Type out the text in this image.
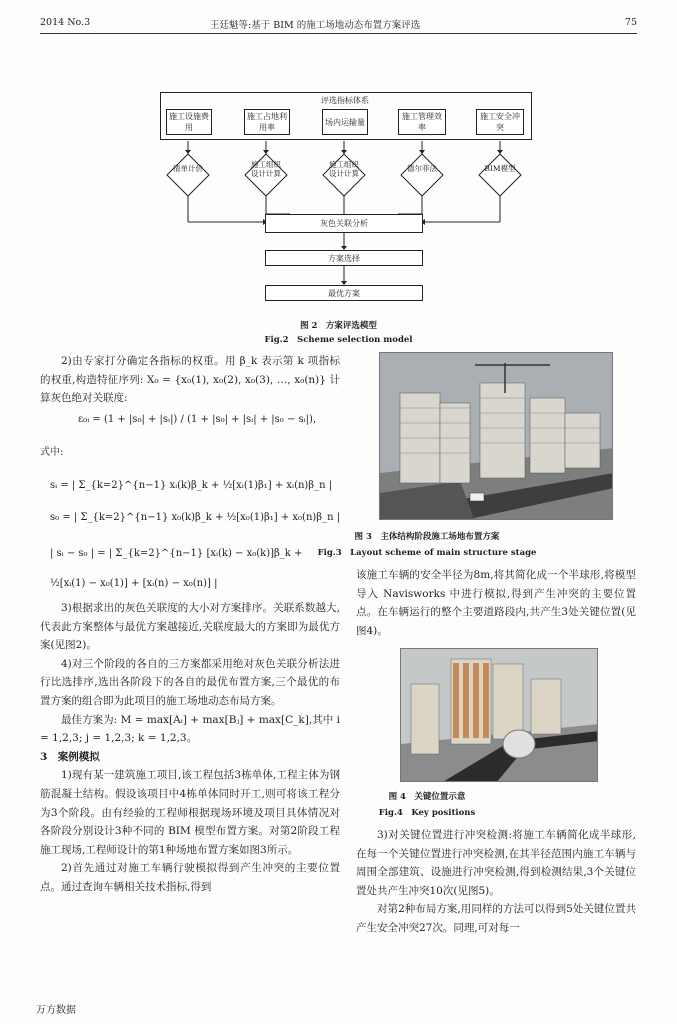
2014 No.3	王廷魁等:基于 BIM 的施工场地动态布置方案评选	75
评选指标体系
施工设施费用
施工占地利用率
场内运输量
施工管理效率
施工安全冲突
清单计价	施工组织设计计算
施工组织设计计算
德尔菲法	BIM模型
灰色关联分析
方案选择
最优方案
图 2　方案评选模型
Fig.2　Scheme selection model

2)由专家打分确定各指标的权重。用 β_k 表示第 k 项指标的权重,构造特征序列: X₀ = {x₀(1), x₀(2), x₀(3), …, x₀(n)} 计算灰色绝对关联度:

ε₀ᵢ = (1 + |s₀| + |sᵢ|) / (1 + |s₀| + |sᵢ| + |s₀ − sᵢ|),
式中:
sᵢ = | Σ_{k=2}^{n−1} xᵢ(k)β_k + ½[xᵢ(1)β₁] + xᵢ(n)β_n |
s₀ = | Σ_{k=2}^{n−1} x₀(k)β_k + ½[x₀(1)β₁] + x₀(n)β_n |
| sᵢ − s₀ | = | Σ_{k=2}^{n−1} [xᵢ(k) − x₀(k)]β_k +
½[xᵢ(1) − x₀(1)] + [xᵢ(n) − x₀(n)] |

3)根据求出的灰色关联度的大小对方案排序。关联系数越大,代表此方案整体与最优方案越接近,关联度最大的方案即为最优方案(见图2)。

4)对三个阶段的各自的三方案都采用绝对灰色关联分析法进行比选排序,选出各阶段下的各自的最优布置方案,三个最优的布置方案的组合即为此项目的施工场地动态布局方案。

最佳方案为: M = max[Aᵢ] + max[Bⱼ] + max[C_k],其中 i = 1,2,3; j = 1,2,3; k = 1,2,3。

3　案例模拟

1)现有某一建筑施工项目,该工程包括3栋单体,工程主体为钢筋混凝土结构。假设该项目中4栋单体同时开工,则可将该工程分为3个阶段。由有经验的工程师根据现场环境及项目具体情况对各阶段分别设计3种不同的 BIM 模型布置方案。对第2阶段工程施工现场,工程师设计的第1种场地布置方案如图3所示。

2)首先通过对施工车辆行驶模拟得到产生冲突的主要位置点。通过查询车辆相关技术指标,得到

图 3　主体结构阶段施工场地布置方案
Fig.3　Layout scheme of main structure stage

该施工车辆的安全半径为8m,将其简化成一个半球形,将模型导入 Navisworks 中进行模拟,得到产生冲突的主要位置点。在车辆运行的整个主要道路段内,共产生3处关键位置(见图4)。

图 4　关键位置示意
Fig.4　Key positions

3)对关键位置进行冲突检测:将施工车辆简化成半球形,在每一个关键位置进行冲突检测,在其半径范围内施工车辆与周围全部建筑、设施进行冲突检测,得到检测结果,3个关键位置处共产生冲突10次(见图5)。

对第2种布局方案,用同样的方法可以得到5处关键位置共产生安全冲突27次。同理,可对每一

万方数据
